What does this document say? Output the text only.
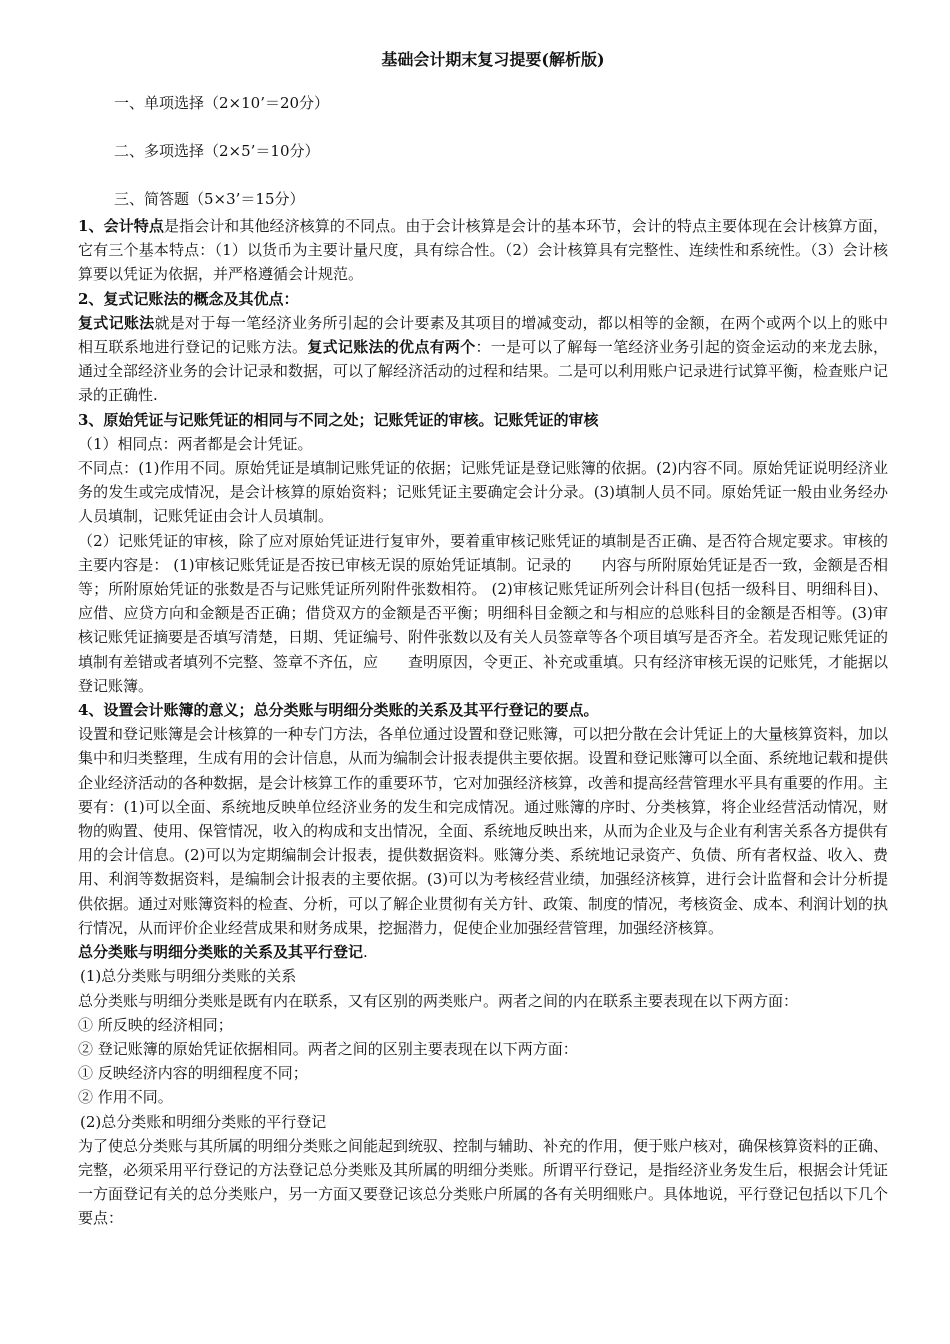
基础会计期末复习提要(解析版)
一、单项选择（2×10’＝20分）
二、多项选择（2×5’＝10分）
三、简答题（5×3’＝15分）

1、会计特点是指会计和其他经济核算的不同点。由于会计核算是会计的基本环节，会计的特点主要体现在会计核算方面，它有三个基本特点：（1）以货币为主要计量尺度，具有综合性。（2）会计核算具有完整性、连续性和系统性。（3）会计核算要以凭证为依据，并严格遵循会计规范。

2、复式记账法的概念及其优点：

复式记账法就是对于每一笔经济业务所引起的会计要素及其项目的增减变动，都以相等的金额，在两个或两个以上的账中相互联系地进行登记的记账方法。复式记账法的优点有两个：一是可以了解每一笔经济业务引起的资金运动的来龙去脉，通过全部经济业务的会计记录和数据，可以了解经济活动的过程和结果。二是可以利用账户记录进行试算平衡，检查账户记录的正确性.

3、原始凭证与记账凭证的相同与不同之处；记账凭证的审核。记账凭证的审核

（1）相同点：两者都是会计凭证。

不同点：(1)作用不同。原始凭证是填制记账凭证的依据；记账凭证是登记账簿的依据。(2)内容不同。原始凭证说明经济业务的发生或完成情况，是会计核算的原始资料；记账凭证主要确定会计分录。(3)填制人员不同。原始凭证一般由业务经办人员填制，记账凭证由会计人员填制。

（2）记账凭证的审核，除了应对原始凭证进行复审外，要着重审核记账凭证的填制是否正确、是否符合规定要求。审核的主要内容是： (1)审核记账凭证是否按已审核无误的原始凭证填制。记录的　　内容与所附原始凭证是否一致，金额是否相等；所附原始凭证的张数是否与记账凭证所列附件张数相符。 (2)审核记账凭证所列会计科目(包括一级科目、明细科目)、应借、应贷方向和金额是否正确；借贷双方的金额是否平衡；明细科目金额之和与相应的总账科目的金额是否相等。(3)审核记账凭证摘要是否填写清楚，日期、凭证编号、附件张数以及有关人员签章等各个项目填写是否齐全。若发现记账凭证的填制有差错或者填列不完整、签章不齐伍，应　　查明原因，令更正、补充或重填。只有经济审核无误的记账凭，才能据以登记账簿。

4、设置会计账簿的意义；总分类账与明细分类账的关系及其平行登记的要点。

设置和登记账簿是会计核算的一种专门方法，各单位通过设置和登记账簿，可以把分散在会计凭证上的大量核算资料，加以集中和归类整理，生成有用的会计信息，从而为编制会计报表提供主要依据。设置和登记账簿可以全面、系统地记载和提供企业经济活动的各种数据，是会计核算工作的重要环节，它对加强经济核算，改善和提高经营管理水平具有重要的作用。主要有：(1)可以全面、系统地反映单位经济业务的发生和完成情况。通过账簿的序时、分类核算，将企业经营活动情况，财物的购置、使用、保管情况，收入的构成和支出情况，全面、系统地反映出来，从而为企业及与企业有利害关系各方提供有用的会计信息。(2)可以为定期编制会计报表，提供数据资料。账簿分类、系统地记录资产、负债、所有者权益、收入、费用、利润等数据资料，是编制会计报表的主要依据。(3)可以为考核经营业绩，加强经济核算，进行会计监督和会计分析提供依据。通过对账簿资料的检查、分析，可以了解企业贯彻有关方针、政策、制度的情况，考核资金、成本、利润计划的执行情况，从而评价企业经营成果和财务成果，挖掘潜力，促使企业加强经营管理，加强经济核算。

总分类账与明细分类账的关系及其平行登记.

(1)总分类账与明细分类账的关系

总分类账与明细分类账是既有内在联系，又有区别的两类账户。两者之间的内在联系主要表现在以下两方面：

① 所反映的经济相同；

② 登记账簿的原始凭证依据相同。两者之间的区别主要表现在以下两方面：

① 反映经济内容的明细程度不同；

② 作用不同。

(2)总分类账和明细分类账的平行登记

为了使总分类账与其所属的明细分类账之间能起到统驭、控制与辅助、补充的作用，便于账户核对，确保核算资料的正确、完整，必须采用平行登记的方法登记总分类账及其所属的明细分类账。所谓平行登记，是指经济业务发生后，根据会计凭证一方面登记有关的总分类账户，另一方面又要登记该总分类账户所属的各有关明细账户。具体地说，平行登记包括以下几个要点：
